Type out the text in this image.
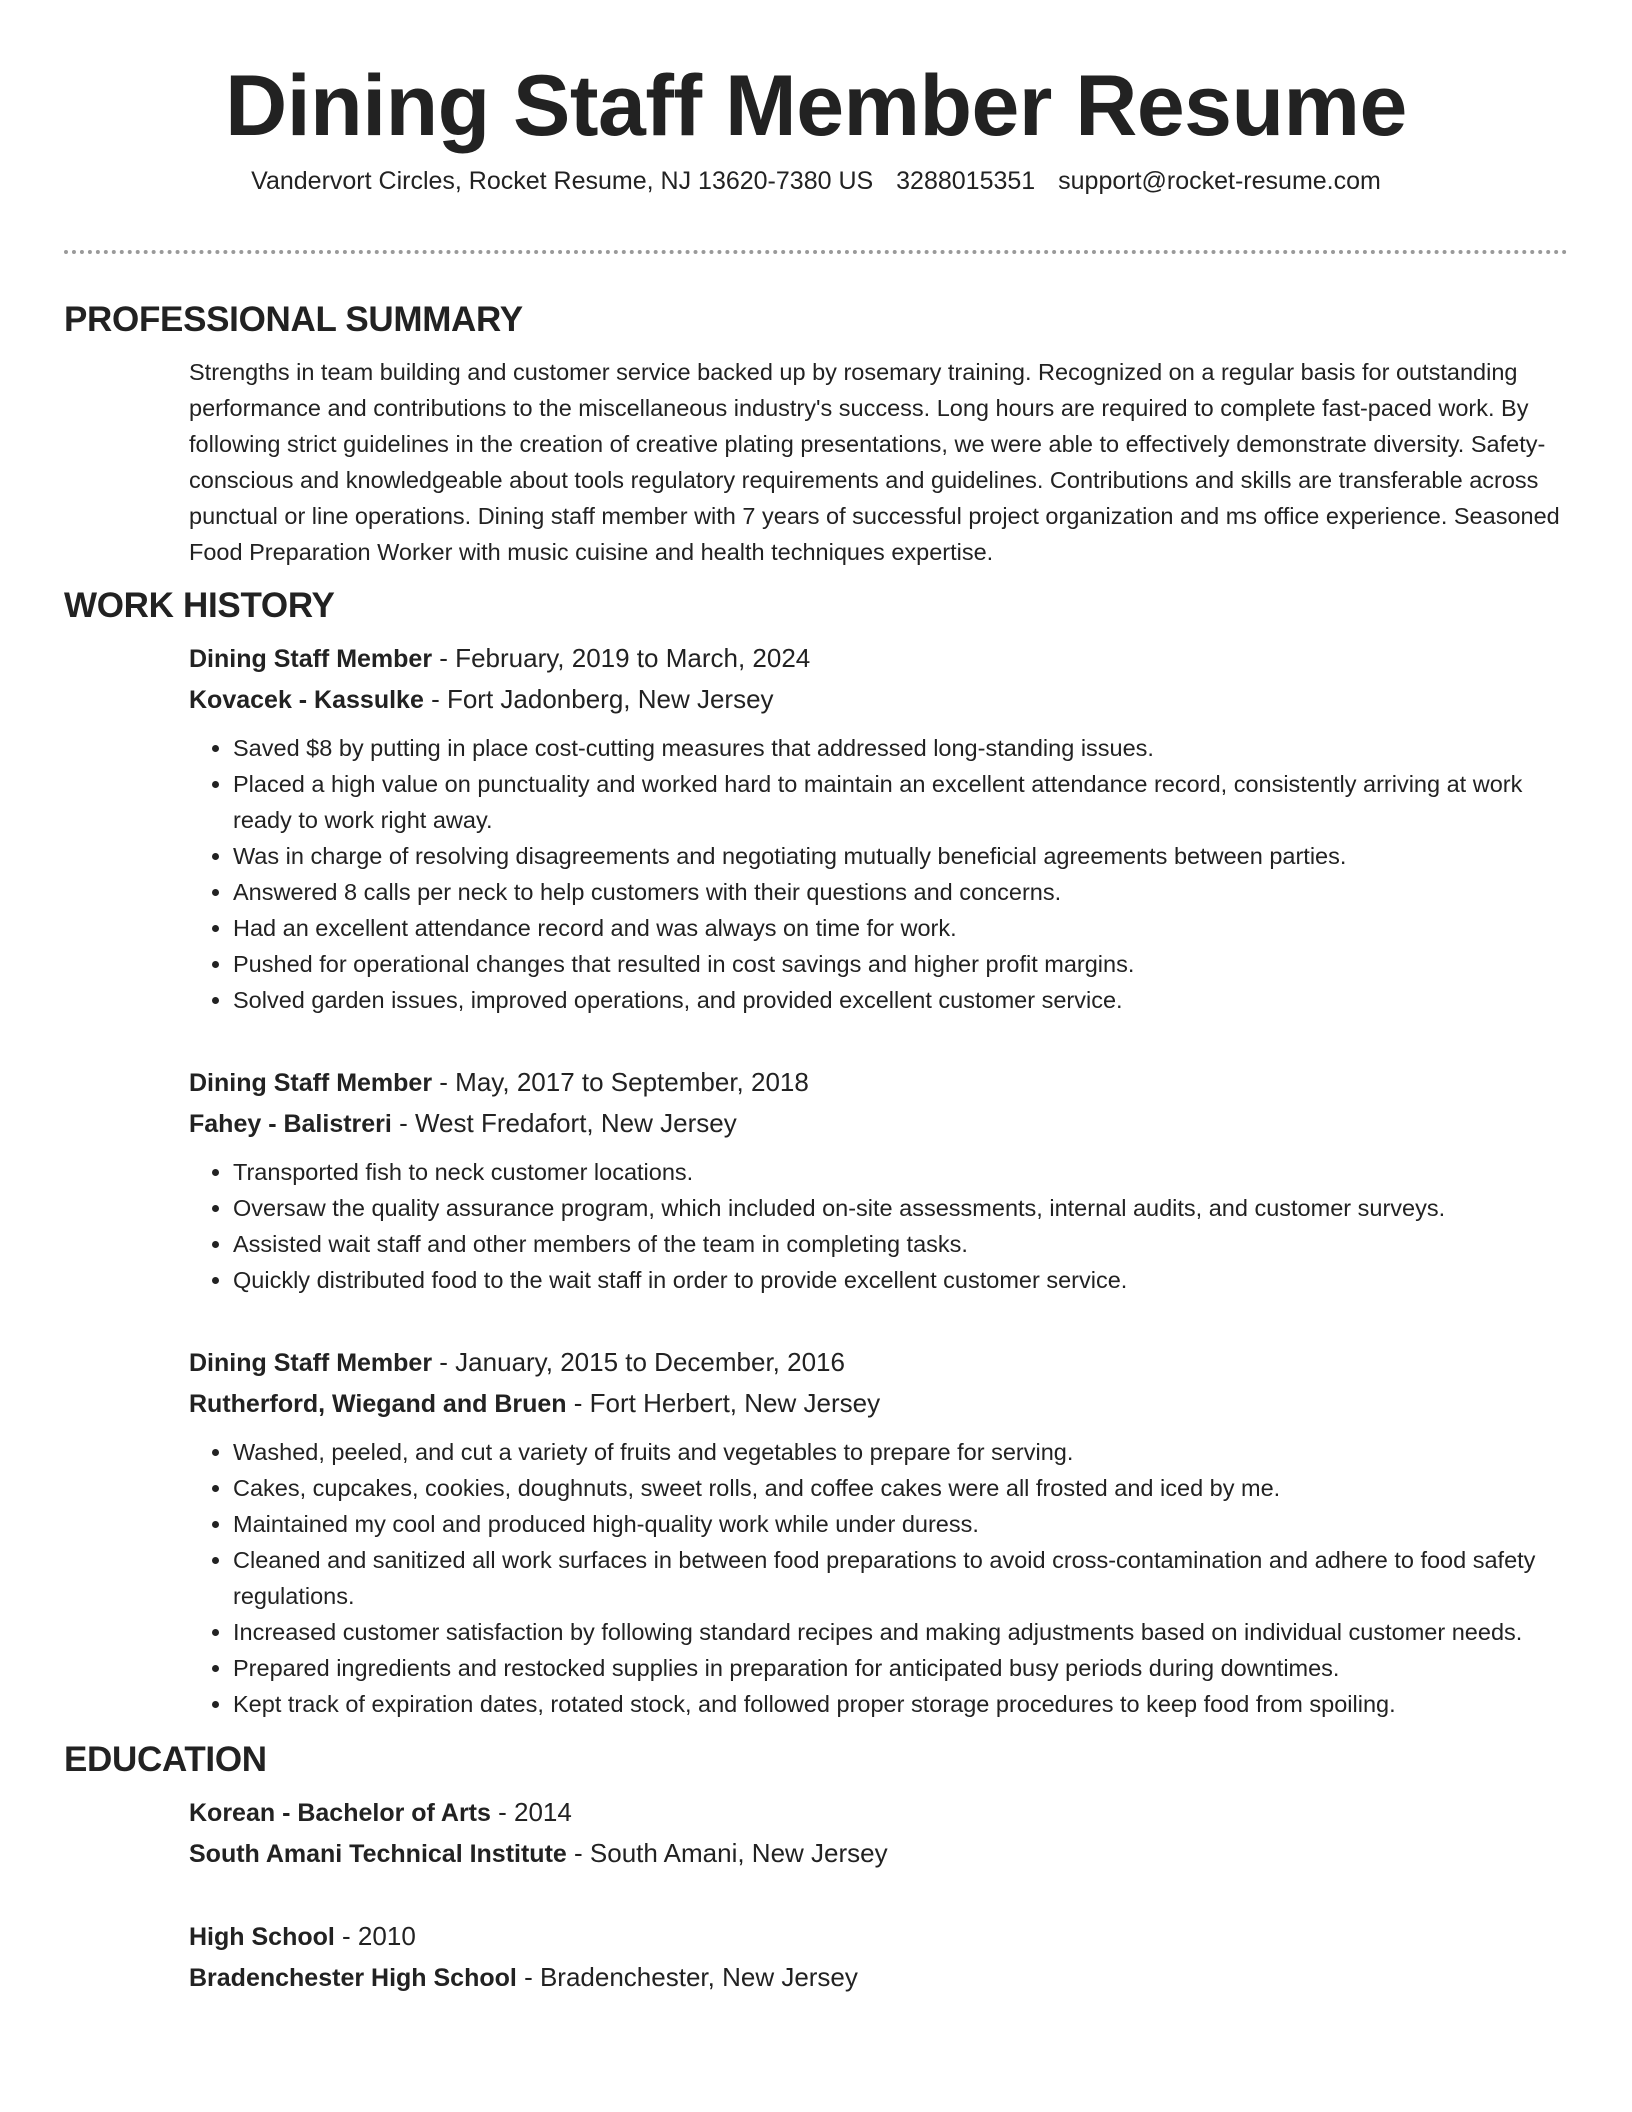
Dining Staff Member Resume
Vandervort Circles, Rocket Resume, NJ 13620-7380 US 3288015351 support@rocket-resume.com
PROFESSIONAL SUMMARY

Strengths in team building and customer service backed up by rosemary training. Recognized on a regular basis for outstanding performance and contributions to the miscellaneous industry's success. Long hours are required to complete fast-paced work. By following strict guidelines in the creation of creative plating presentations, we were able to effectively demonstrate diversity. Safety-conscious and knowledgeable about tools regulatory requirements and guidelines. Contributions and skills are transferable across punctual or line operations. Dining staff member with 7 years of successful project organization and ms office experience. Seasoned Food Preparation Worker with music cuisine and health techniques expertise.

WORK HISTORY
Dining Staff Member - February, 2019 to March, 2024
Kovacek - Kassulke - Fort Jadonberg, New Jersey
• Saved $8 by putting in place cost-cutting measures that addressed long-standing issues.
• Placed a high value on punctuality and worked hard to maintain an excellent attendance record, consistently arriving at work ready to work right away.
• Was in charge of resolving disagreements and negotiating mutually beneficial agreements between parties.
• Answered 8 calls per neck to help customers with their questions and concerns.
• Had an excellent attendance record and was always on time for work.
• Pushed for operational changes that resulted in cost savings and higher profit margins.
• Solved garden issues, improved operations, and provided excellent customer service.
Dining Staff Member - May, 2017 to September, 2018
Fahey - Balistreri - West Fredafort, New Jersey
• Transported fish to neck customer locations.
• Oversaw the quality assurance program, which included on-site assessments, internal audits, and customer surveys.
• Assisted wait staff and other members of the team in completing tasks.
• Quickly distributed food to the wait staff in order to provide excellent customer service.
Dining Staff Member - January, 2015 to December, 2016
Rutherford, Wiegand and Bruen - Fort Herbert, New Jersey
• Washed, peeled, and cut a variety of fruits and vegetables to prepare for serving.
• Cakes, cupcakes, cookies, doughnuts, sweet rolls, and coffee cakes were all frosted and iced by me.
• Maintained my cool and produced high-quality work while under duress.
• Cleaned and sanitized all work surfaces in between food preparations to avoid cross-contamination and adhere to food safety regulations.
• Increased customer satisfaction by following standard recipes and making adjustments based on individual customer needs.
• Prepared ingredients and restocked supplies in preparation for anticipated busy periods during downtimes.
• Kept track of expiration dates, rotated stock, and followed proper storage procedures to keep food from spoiling.
EDUCATION
Korean - Bachelor of Arts - 2014
South Amani Technical Institute - South Amani, New Jersey
High School - 2010
Bradenchester High School - Bradenchester, New Jersey
